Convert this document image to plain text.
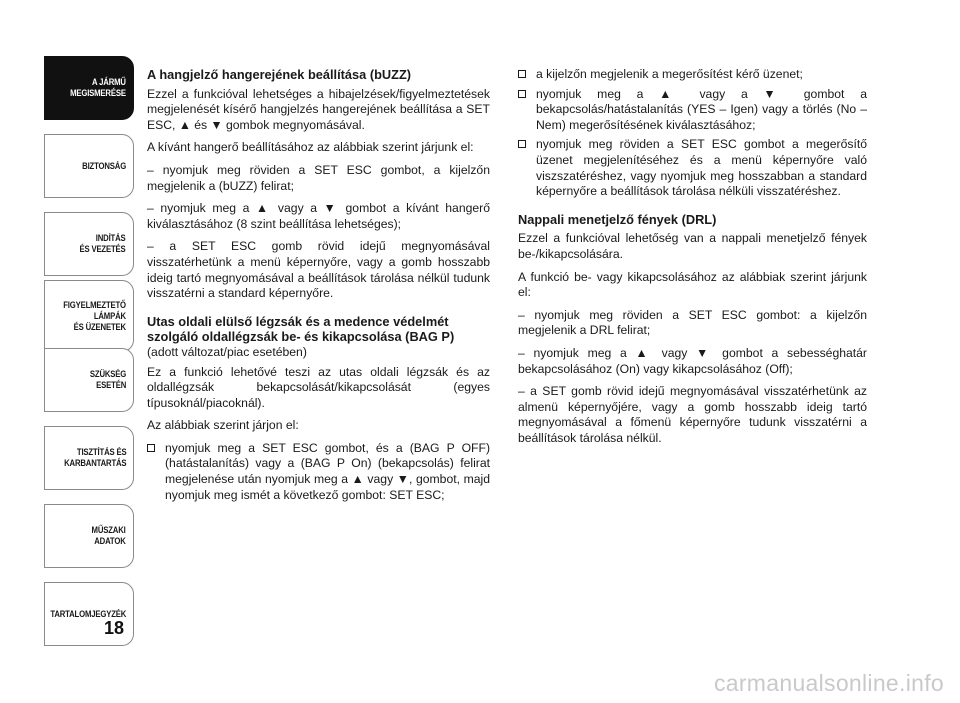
A JÁRMŰ
MEGISMERÉSE
BIZTONSÁG
INDÍTÁS
ÉS VEZETÉS
FIGYELMEZTETŐ
LÁMPÁK
ÉS ÜZENETEK
SZÜKSÉG
ESETÉN
TISZTÍTÁS ÉS
KARBANTARTÁS
MŰSZAKI
ADATOK
TARTALOMJEGYZÉK
18
A hangjelző hangerejének beállítása (bUZZ)

Ezzel a funkcióval lehetséges a hibajelzések/figyelmeztetések megjelenését kísérő hangjelzés hangerejének beállítása a SET ESC, ▲ és ▼ gombok megnyomásával.

A kívánt hangerő beállításához az alábbiak szerint járjunk el:

– nyomjuk meg röviden a SET ESC gombot, a kijelzőn megjelenik a (bUZZ) felirat;

– nyomjuk meg a ▲ vagy a ▼ gombot a kívánt hangerő kiválasztásához (8 szint beállítása lehetséges);

– a SET ESC gomb rövid idejű megnyomásával visszatérhetünk a menü képernyőre, vagy a gomb hosszabb ideig tartó megnyomásával a beállítások tárolása nélkül tudunk visszatérni a standard képernyőre.

Utas oldali elülső légzsák és a medence védelmét
szolgáló oldallégzsák be- és kikapcsolása (BAG P)
(adott változat/piac esetében)

Ez a funkció lehetővé teszi az utas oldali légzsák és az oldallégzsák bekapcsolását/kikapcsolását (egyes típusoknál/piacoknál).

Az alábbiak szerint járjon el:

nyomjuk meg a SET ESC gombot, és a (BAG P OFF) (hatástalanítás) vagy a (BAG P On) (bekapcsolás) felirat megjelenése után nyomjuk meg a ▲ vagy ▼, gombot, majd nyomjuk meg ismét a következő gombot: SET ESC;
a kijelzőn megjelenik a megerősítést kérő üzenet;
nyomjuk meg a ▲ vagy a ▼ gombot a bekapcsolás/hatástalanítás (YES – Igen) vagy a törlés (No – Nem) megerősítésének kiválasztásához;
nyomjuk meg röviden a SET ESC gombot a megerősítő üzenet megjelenítéséhez és a menü képernyőre való viszszatéréshez, vagy nyomjuk meg hosszabban a standard képernyőre a beállítások tárolása nélküli visszatéréshez.
Nappali menetjelző fények (DRL)

Ezzel a funkcióval lehetőség van a nappali menetjelző fények be-/kikapcsolására.

A funkció be- vagy kikapcsolásához az alábbiak szerint járjunk el:

– nyomjuk meg röviden a SET ESC gombot: a kijelzőn megjelenik a DRL felirat;

– nyomjuk meg a ▲ vagy ▼ gombot a sebességhatár bekapcsolásához (On) vagy kikapcsolásához (Off);

– a SET gomb rövid idejű megnyomásával visszatérhetünk az almenü képernyőjére, vagy a gomb hosszabb ideig tartó megnyomásával a főmenü képernyőre tudunk visszatérni a beállítások tárolása nélkül.

carmanualsonline.info
